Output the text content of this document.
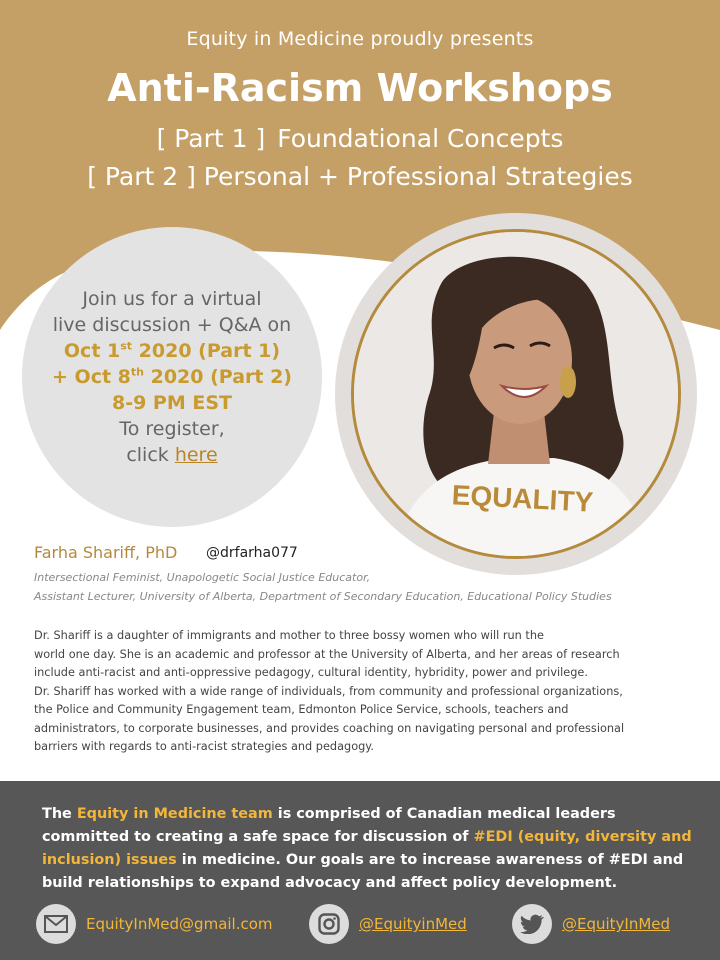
Equity in Medicine proudly presents
Anti-Racism Workshops
[ Part 1 ] Foundational Concepts
[ Part 2 ] Personal + Professional Strategies
Join us for a virtual
live discussion + Q&A on
Oct 1st 2020 (Part 1)
+ Oct 8th 2020 (Part 2)
8-9 PM EST
To register,
click here
EQUALITY
Farha Shariff, PhD @drfarha077
Intersectional Feminist, Unapologetic Social Justice Educator,
Assistant Lecturer, University of Alberta, Department of Secondary Education, Educational Policy Studies

Dr. Shariff is a daughter of immigrants and mother to three bossy women who will run the

world one day. She is an academic and professor at the University of Alberta, and her areas of research

include anti-racist and anti-oppressive pedagogy, cultural identity, hybridity, power and privilege.

Dr. Shariff has worked with a wide range of individuals, from community and professional organizations,

the Police and Community Engagement team, Edmonton Police Service, schools, teachers and

administrators, to corporate businesses, and provides coaching on navigating personal and professional

barriers with regards to anti-racist strategies and pedagogy.

The Equity in Medicine team is comprised of Canadian medical leaders committed to creating a safe space for discussion of #EDI (equity, diversity and inclusion) issues in medicine. Our goals are to increase awareness of #EDI and build relationships to expand advocacy and affect policy development.
EquityInMed@gmail.com	@EquityinMed	@EquityInMed
